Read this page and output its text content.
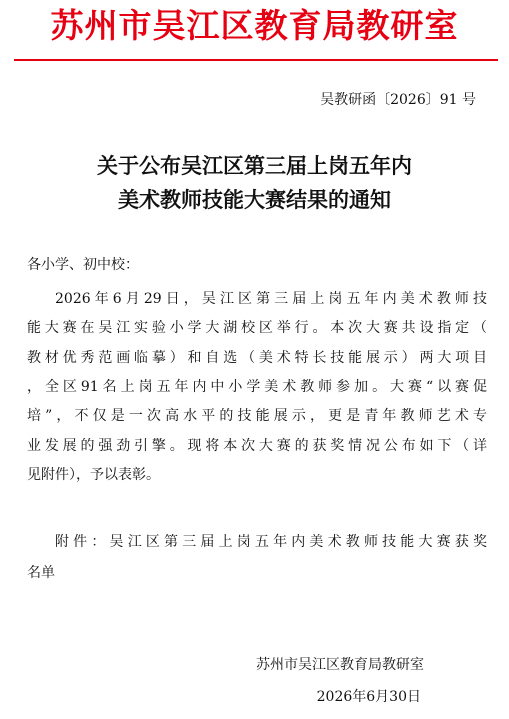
苏州市吴江区教育局教研室
吴教研函〔2026〕91 号
关于公布吴江区第三届上岗五年内
美术教师技能大赛结果的通知
各小学、初中校：
2026年6月29日，吴江区第三届上岗五年内美术教师技
能大赛在吴江实验小学大湖校区举行。本次大赛共设指定（
教材优秀范画临摹）和自选（美术特长技能展示）两大项目
，全区91名上岗五年内中小学美术教师参加。大赛“以赛促
培”，不仅是一次高水平的技能展示，更是青年教师艺术专
业发展的强劲引擎。现将本次大赛的获奖情况公布如下（详
见附件），予以表彰。
附件：吴江区第三届上岗五年内美术教师技能大赛获奖
名单
苏州市吴江区教育局教研室
2026年6月30日
